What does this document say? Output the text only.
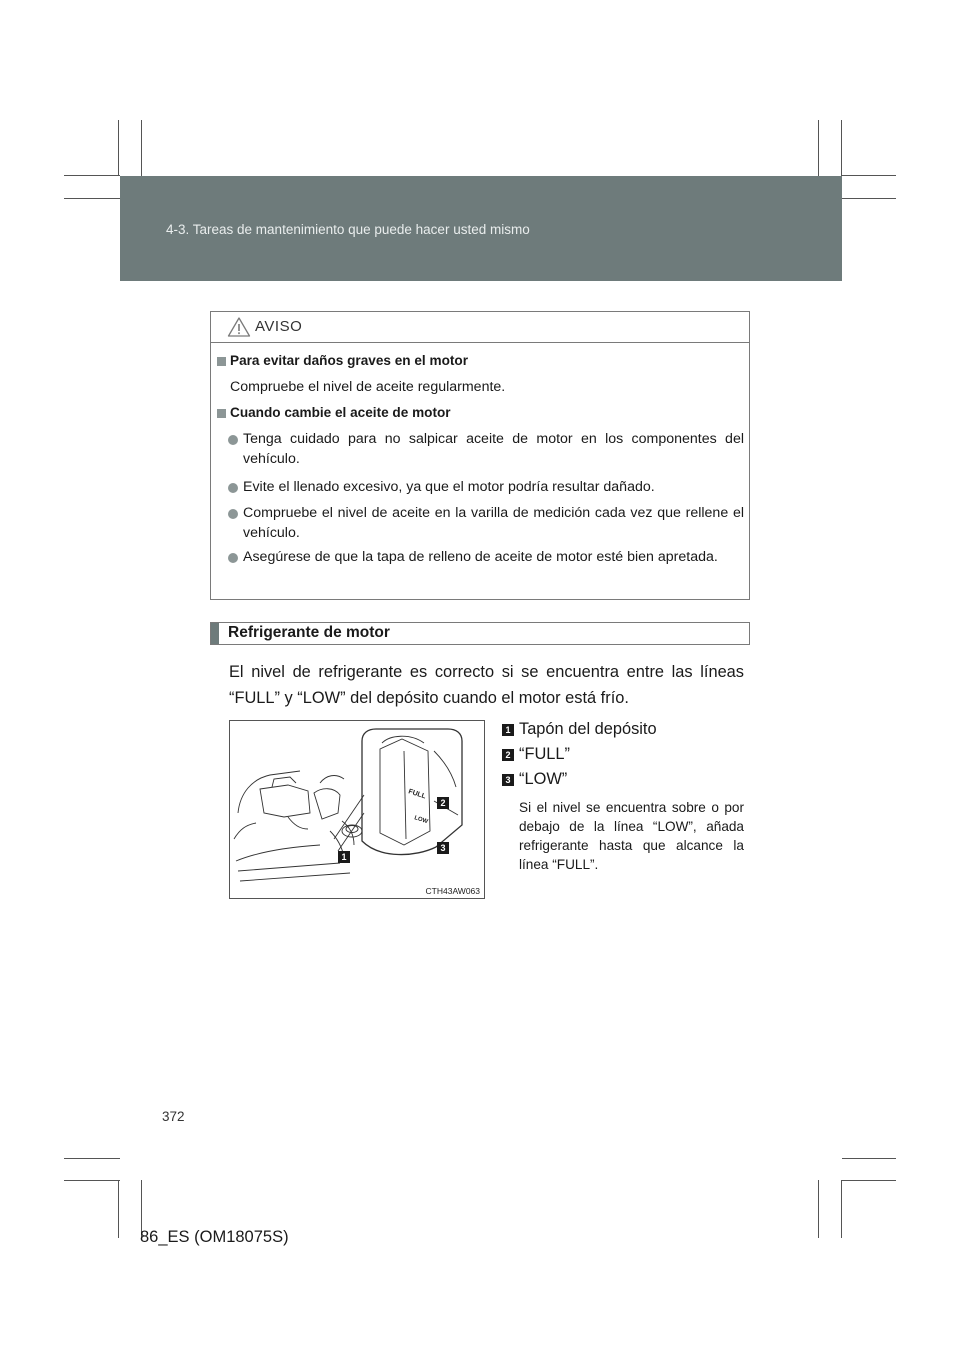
4-3. Tareas de mantenimiento que puede hacer usted mismo
AVISO
Para evitar daños graves en el motor
Compruebe el nivel de aceite regularmente.
Cuando cambie el aceite de motor
Tenga cuidado para no salpicar aceite de motor en los componentes del vehículo.
Evite el llenado excesivo, ya que el motor podría resultar dañado.
Compruebe el nivel de aceite en la varilla de medición cada vez que rellene el vehículo.
Asegúrese de que la tapa de relleno de aceite de motor esté bien apretada.
Refrigerante de motor
El nivel de refrigerante es correcto si se encuentra entre las líneas “FULL” y “LOW” del depósito cuando el motor está frío.
FULL
LOW
1
2
3
CTH43AW063
1 Tapón del depósito
2 “FULL”
3 “LOW”
Si el nivel se encuentra sobre o por debajo de la línea “LOW”, añada refrigerante hasta que alcance la línea “FULL”.
372
86_ES (OM18075S)
